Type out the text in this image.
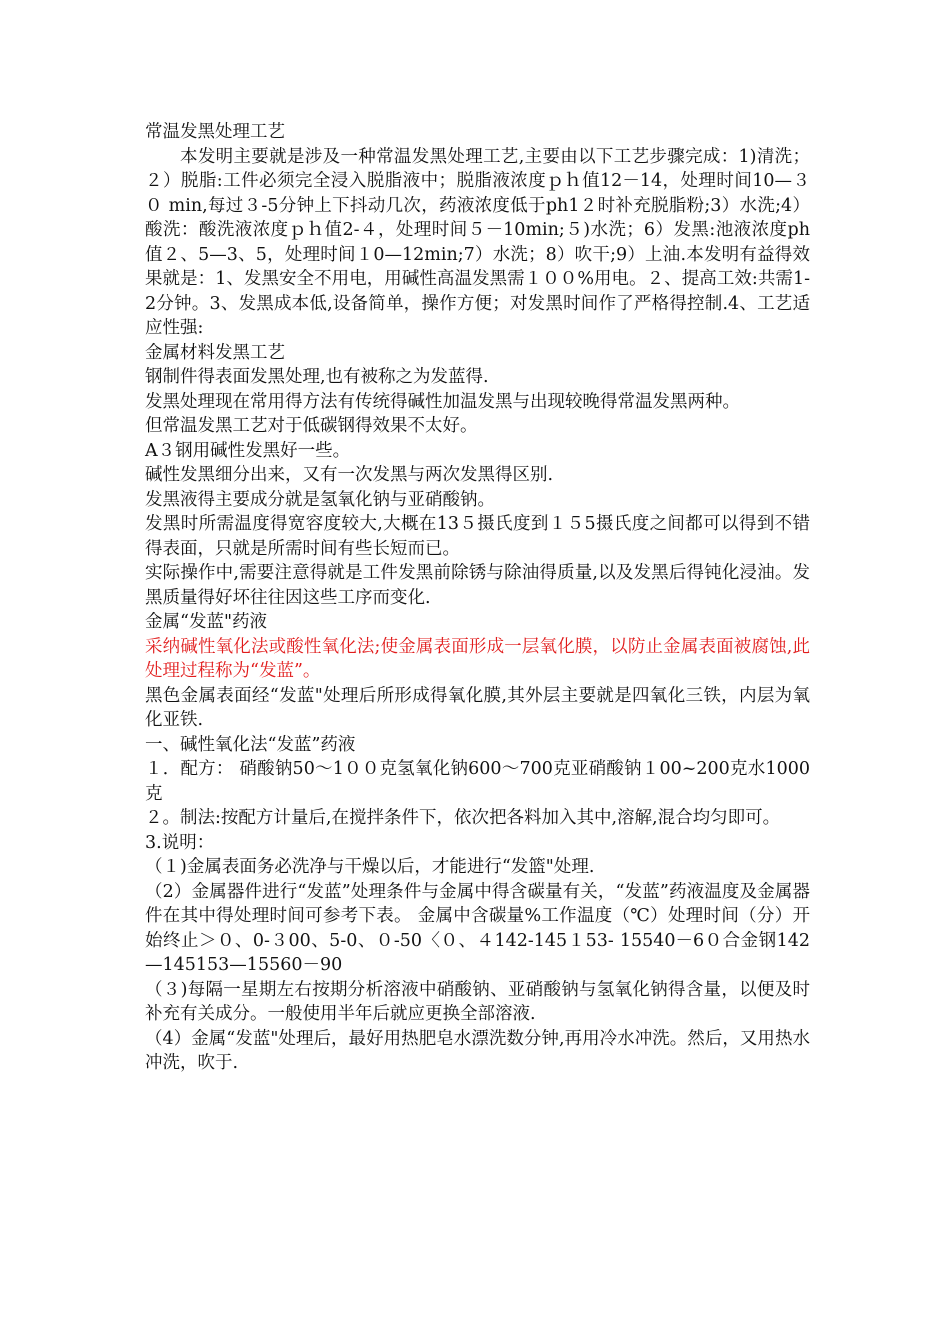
常温发黑处理工艺

本发明主要就是涉及一种常温发黑处理工艺,主要由以下工艺步骤完成：1)清洗；２）脱脂:工件必须完全浸入脱脂液中；脱脂液浓度ｐｈ值12－14，处理时间10—３０ min,每过３-5分钟上下抖动几次，药液浓度低于ph1２时补充脱脂粉;3）水洗;4）酸洗：酸洗液浓度ｐｈ值2-４，处理时间５－10min;５)水洗；6）发黑:池液浓度ph值２、5—3、5，处理时间１0—12min;7）水洗；8）吹干;9）上油.本发明有益得效果就是：1、发黑安全不用电，用碱性高温发黑需１００%用电。２、提高工效:共需1-2分钟。3、发黑成本低,设备简单，操作方便；对发黑时间作了严格得控制.4、工艺适应性强:

金属材料发黑工艺

钢制件得表面发黑处理,也有被称之为发蓝得.

发黑处理现在常用得方法有传统得碱性加温发黑与出现较晚得常温发黑两种。

但常温发黑工艺对于低碳钢得效果不太好。

A３钢用碱性发黑好一些。

碱性发黑细分出来，又有一次发黑与两次发黑得区别.

发黑液得主要成分就是氢氧化钠与亚硝酸钠。

发黑时所需温度得宽容度较大,大概在13５摄氏度到１５5摄氏度之间都可以得到不错得表面，只就是所需时间有些长短而已。

实际操作中,需要注意得就是工件发黑前除锈与除油得质量,以及发黑后得钝化浸油。发黑质量得好坏往往因这些工序而变化.

金属“发蓝"药液

采纳碱性氧化法或酸性氧化法;使金属表面形成一层氧化膜，以防止金属表面被腐蚀,此处理过程称为“发蓝”。

黑色金属表面经“发蓝"处理后所形成得氧化膜,其外层主要就是四氧化三铁，内层为氧化亚铁.

一、碱性氧化法“发蓝”药液

１．配方： 硝酸钠50～1００克氢氧化钠600～700克亚硝酸钠１00~200克水1000克

２。制法:按配方计量后,在搅拌条件下，依次把各料加入其中,溶解,混合均匀即可。

3.说明：

（１)金属表面务必洗净与干燥以后，才能进行“发篮"处理.

（2）金属器件进行“发蓝”处理条件与金属中得含碳量有关，“发蓝”药液温度及金属器件在其中得处理时间可参考下表。 金属中含碳量%工作温度（℃）处理时间（分）开始终止＞０、0-３00、5-0、０-50〈０、４142-145１53- 15540－6０合金钢142—145153—15560－90

（３)每隔一星期左右按期分析溶液中硝酸钠、亚硝酸钠与氢氧化钠得含量，以便及时补充有关成分。一般使用半年后就应更换全部溶液.

（4）金属“发蓝"处理后，最好用热肥皂水漂洗数分钟,再用冷水冲洗。然后，又用热水冲洗，吹于.
